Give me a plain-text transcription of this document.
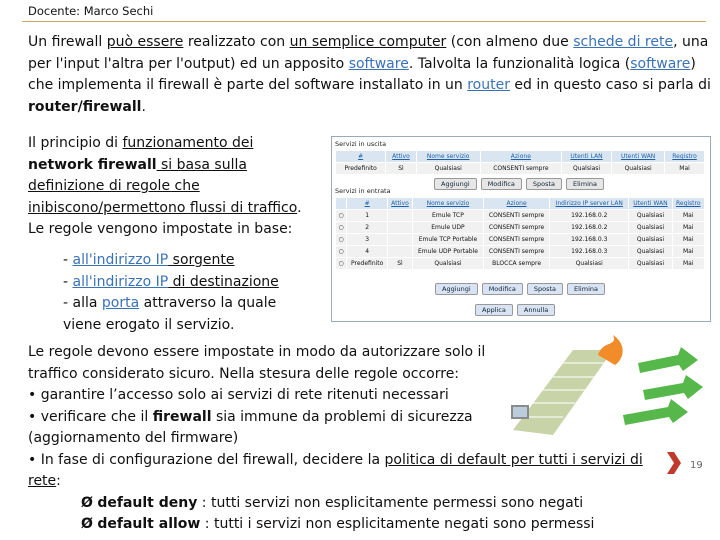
Docente: Marco Sechi

Un firewall può essere realizzato con un semplice computer (con almeno due schede di rete, una per l'input l'altra per l'output) ed un apposito software. Talvolta la funzionalità logica (software) che implementa il firewall è parte del software installato in un router ed in questo caso si parla di router/firewall.

Il principio di funzionamento dei
network firewall si basa sulla
definizione di regole che
inibiscono/permettono flussi di traffico.
Le regole vengono impostate in base:

- all'indirizzo IP sorgente
- all'indirizzo IP di destinazione
- alla porta attraverso la quale
viene erogato il servizio.

Le regole devono essere impostate in modo da autorizzare solo il
traffico considerato sicuro. Nella stesura delle regole occorre:
• garantire l’accesso solo ai servizi di rete ritenuti necessari
• verificare che il firewall sia immune da problemi di sicurezza
(aggiornamento del firmware)
• In fase di configurazione del firewall, decidere la politica di default per tutti i servizi di
rete:
Ø default deny : tutti servizi non esplicitamente permessi sono negati
Ø default allow : tutti i servizi non esplicitamente negati sono permessi

Servizi in uscita
#	Attivo	Nome servizio	Azione	Utenti LAN	Utenti WAN	Registro
Predefinito	Sì	Qualsiasi	CONSENTI sempre	Qualsiasi	Qualsiasi	Mai
Aggiungi	Modifica	Sposta	Elimina
Servizi in entrata
	#	Attivo	Nome servizio	Azione	Indirizzo IP server LAN	Utenti WAN	Registro
○	1		Emule TCP	CONSENTI sempre	192.168.0.2	Qualsiasi	Mai
○	2		Emule UDP	CONSENTI sempre	192.168.0.2	Qualsiasi	Mai
○	3		Emule TCP Portable	CONSENTI sempre	192.168.0.3	Qualsiasi	Mai
○	4		Emule UDP Portable	CONSENTI sempre	192.168.0.3	Qualsiasi	Mai
○	Predefinito	Sì	Qualsiasi	BLOCCA sempre	Qualsiasi	Qualsiasi	Mai
Aggiungi	Modifica	Sposta	Elimina
Applica	Annulla
19
